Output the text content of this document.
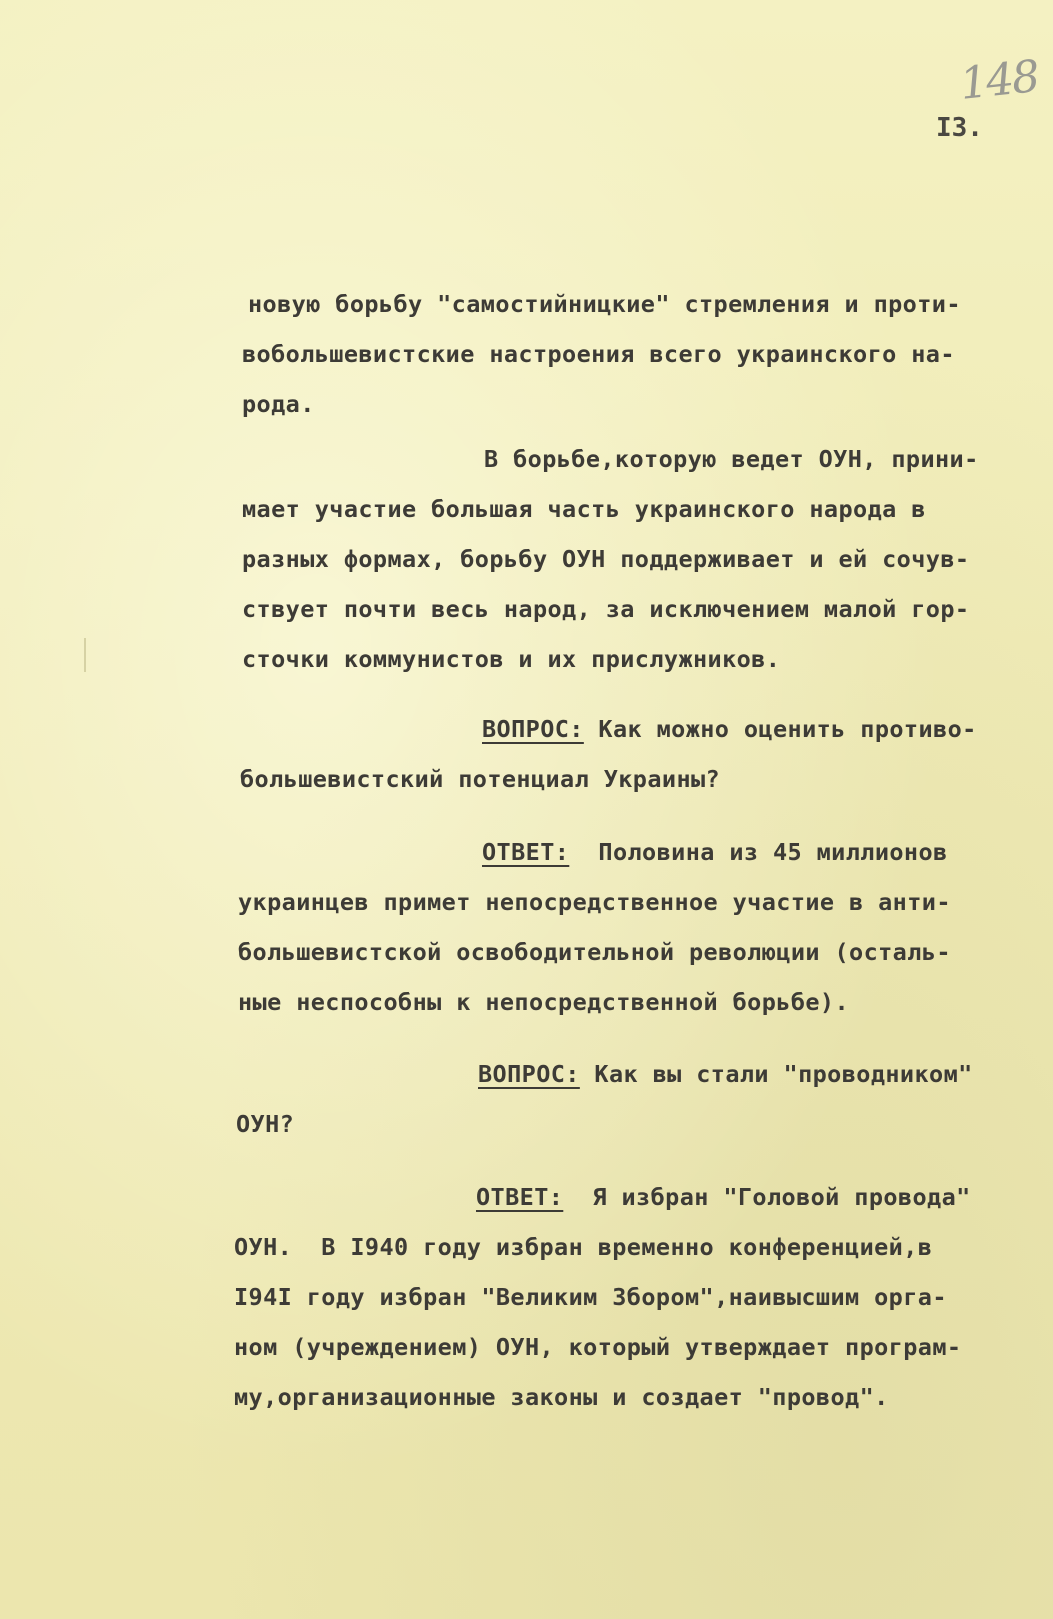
148
I3.
новую борьбу "самостийницкие" стремления и проти-
вобольшевистские настроения всего украинского на-
рода.
В борьбе,которую ведет ОУН, прини-
мает участие большая часть украинского народа в
разных формах, борьбу ОУН поддерживает и ей сочув-
ствует почти весь народ, за исключением малой гор-
сточки коммунистов и их прислужников.
ВОПРОС: Как можно оценить противо-
большевистский потенциал Украины?
ОТВЕТ: Половина из 45 миллионов
украинцев примет непосредственное участие в анти-
большевистской освободительной революции (осталь-
ные неспособны к непосредственной борьбе).
ВОПРОС: Как вы стали "проводником"
ОУН?
ОТВЕТ: Я избран "Головой провода"
ОУН.  В I940 году избран временно конференцией,в
I94I году избран "Великим Збором",наивысшим орга-
ном (учреждением) ОУН, который утверждает програм-
му,организационные законы и создает "провод".
